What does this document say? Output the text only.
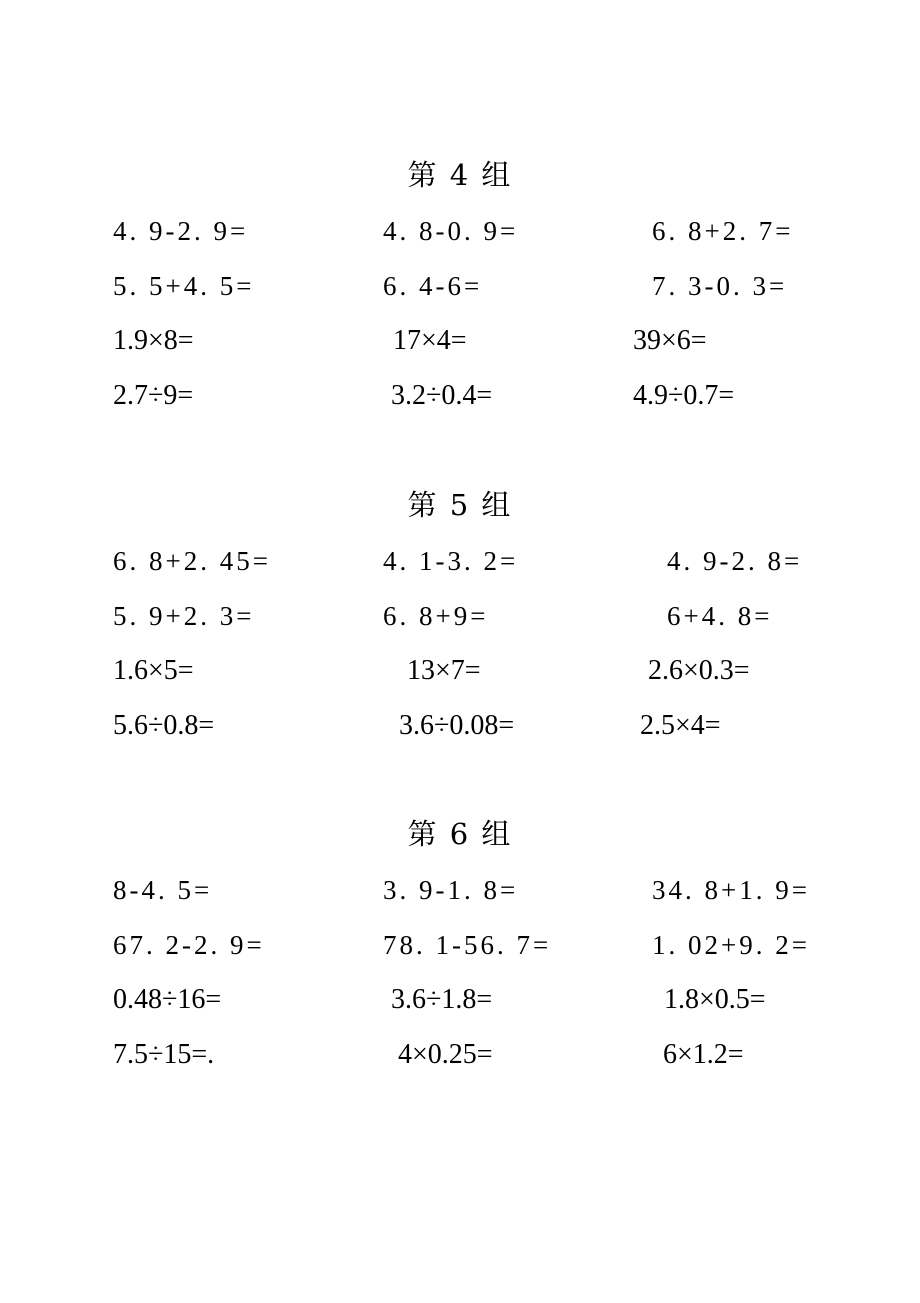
第 4 组
4. 9-2. 9=	4. 8-0. 9=	6. 8+2. 7=
5. 5+4. 5=	6. 4-6=	7. 3-0. 3=
1.9×8=	17×4=	39×6=
2.7÷9=	3.2÷0.4=	4.9÷0.7=
第 5 组
6. 8+2. 45=	4. 1-3. 2=	4. 9-2. 8=
5. 9+2. 3=	6. 8+9=	6+4. 8=
1.6×5=	13×7=	2.6×0.3=
5.6÷0.8=	3.6÷0.08=	2.5×4=
第 6 组
8-4. 5=	3. 9-1. 8=	34. 8+1. 9=
67. 2-2. 9=	78. 1-56. 7=	1. 02+9. 2=
0.48÷16=	3.6÷1.8=	1.8×0.5=
7.5÷15=.	4×0.25=	6×1.2=
